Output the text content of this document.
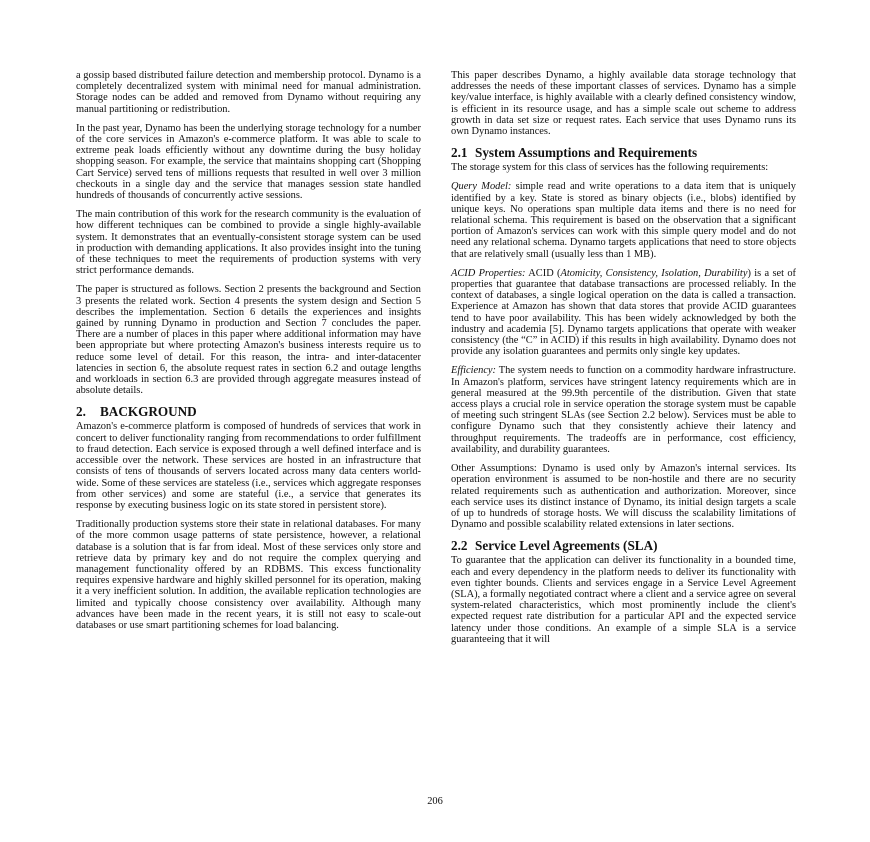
a gossip based distributed failure detection and membership protocol. Dynamo is a completely decentralized system with minimal need for manual administration. Storage nodes can be added and removed from Dynamo without requiring any manual partitioning or redistribution.

In the past year, Dynamo has been the underlying storage technology for a number of the core services in Amazon's e-commerce platform. It was able to scale to extreme peak loads efficiently without any downtime during the busy holiday shopping season. For example, the service that maintains shopping cart (Shopping Cart Service) served tens of millions requests that resulted in well over 3 million checkouts in a single day and the service that manages session state handled hundreds of thousands of concurrently active sessions.

The main contribution of this work for the research community is the evaluation of how different techniques can be combined to provide a single highly-available system. It demonstrates that an eventually-consistent storage system can be used in production with demanding applications. It also provides insight into the tuning of these techniques to meet the requirements of production systems with very strict performance demands.

The paper is structured as follows. Section 2 presents the background and Section 3 presents the related work. Section 4 presents the system design and Section 5 describes the implementation. Section 6 details the experiences and insights gained by running Dynamo in production and Section 7 concludes the paper. There are a number of places in this paper where additional information may have been appropriate but where protecting Amazon's business interests require us to reduce some level of detail. For this reason, the intra- and inter-datacenter latencies in section 6, the absolute request rates in section 6.2 and outage lengths and workloads in section 6.3 are provided through aggregate measures instead of absolute details.

2. BACKGROUND

Amazon's e-commerce platform is composed of hundreds of services that work in concert to deliver functionality ranging from recommendations to order fulfillment to fraud detection. Each service is exposed through a well defined interface and is accessible over the network. These services are hosted in an infrastructure that consists of tens of thousands of servers located across many data centers world-wide. Some of these services are stateless (i.e., services which aggregate responses from other services) and some are stateful (i.e., a service that generates its response by executing business logic on its state stored in persistent store).

Traditionally production systems store their state in relational databases. For many of the more common usage patterns of state persistence, however, a relational database is a solution that is far from ideal. Most of these services only store and retrieve data by primary key and do not require the complex querying and management functionality offered by an RDBMS. This excess functionality requires expensive hardware and highly skilled personnel for its operation, making it a very inefficient solution. In addition, the available replication technologies are limited and typically choose consistency over availability. Although many advances have been made in the recent years, it is still not easy to scale-out databases or use smart partitioning schemes for load balancing.

This paper describes Dynamo, a highly available data storage technology that addresses the needs of these important classes of services. Dynamo has a simple key/value interface, is highly available with a clearly defined consistency window, is efficient in its resource usage, and has a simple scale out scheme to address growth in data set size or request rates. Each service that uses Dynamo runs its own Dynamo instances.

2.1 System Assumptions and Requirements

The storage system for this class of services has the following requirements:

Query Model: simple read and write operations to a data item that is uniquely identified by a key. State is stored as binary objects (i.e., blobs) identified by unique keys. No operations span multiple data items and there is no need for relational schema. This requirement is based on the observation that a significant portion of Amazon's services can work with this simple query model and do not need any relational schema. Dynamo targets applications that need to store objects that are relatively small (usually less than 1 MB).

ACID Properties: ACID (Atomicity, Consistency, Isolation, Durability) is a set of properties that guarantee that database transactions are processed reliably. In the context of databases, a single logical operation on the data is called a transaction. Experience at Amazon has shown that data stores that provide ACID guarantees tend to have poor availability. This has been widely acknowledged by both the industry and academia [5]. Dynamo targets applications that operate with weaker consistency (the “C” in ACID) if this results in high availability. Dynamo does not provide any isolation guarantees and permits only single key updates.

Efficiency: The system needs to function on a commodity hardware infrastructure. In Amazon's platform, services have stringent latency requirements which are in general measured at the 99.9th percentile of the distribution. Given that state access plays a crucial role in service operation the storage system must be capable of meeting such stringent SLAs (see Section 2.2 below). Services must be able to configure Dynamo such that they consistently achieve their latency and throughput requirements. The tradeoffs are in performance, cost efficiency, availability, and durability guarantees.

Other Assumptions: Dynamo is used only by Amazon's internal services. Its operation environment is assumed to be non-hostile and there are no security related requirements such as authentication and authorization. Moreover, since each service uses its distinct instance of Dynamo, its initial design targets a scale of up to hundreds of storage hosts. We will discuss the scalability limitations of Dynamo and possible scalability related extensions in later sections.

2.2 Service Level Agreements (SLA)

To guarantee that the application can deliver its functionality in a bounded time, each and every dependency in the platform needs to deliver its functionality with even tighter bounds. Clients and services engage in a Service Level Agreement (SLA), a formally negotiated contract where a client and a service agree on several system-related characteristics, which most prominently include the client's expected request rate distribution for a particular API and the expected service latency under those conditions. An example of a simple SLA is a service guaranteeing that it will

206
